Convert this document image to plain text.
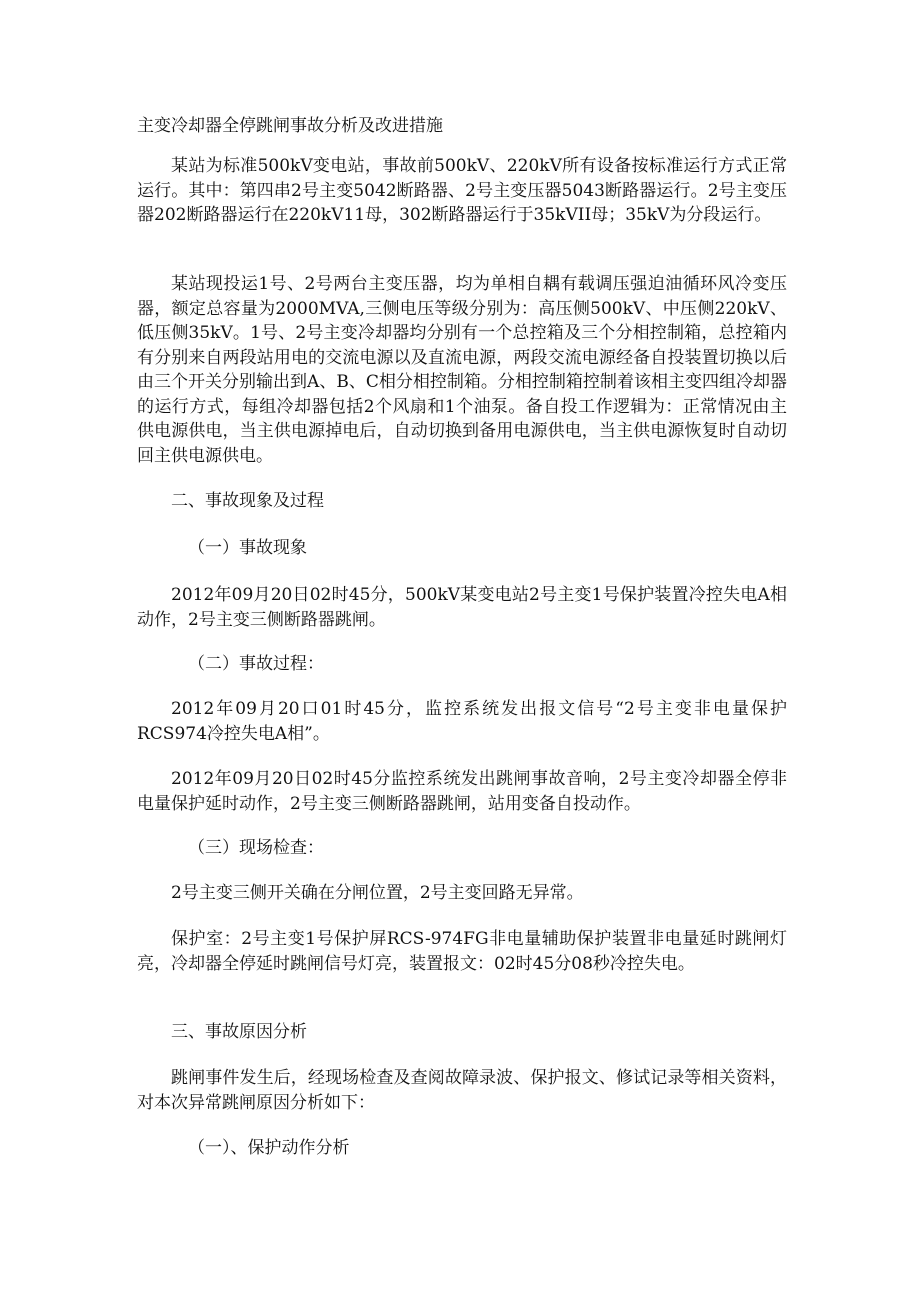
主变冷却器全停跳闸事故分析及改进措施

某站为标准500kV变电站，事故前500kV、220kV所有设备按标准运行方式正常运行。其中：第四串2号主变5042断路器、2号主变压器5043断路器运行。2号主变压器202断路器运行在220kV11母，302断路器运行于35kVII母；35kV为分段运行。

某站现投运1号、2号两台主变压器，均为单相自耦有载调压强迫油循环风冷变压器，额定总容量为2000MVA,三侧电压等级分别为：高压侧500kV、中压侧220kV、低压侧35kV。1号、2号主变冷却器均分别有一个总控箱及三个分相控制箱，总控箱内有分别来自两段站用电的交流电源以及直流电源，两段交流电源经备自投装置切换以后由三个开关分别输出到A、B、C相分相控制箱。分相控制箱控制着该相主变四组冷却器的运行方式，每组冷却器包括2个风扇和1个油泵。备自投工作逻辑为：正常情况由主供电源供电，当主供电源掉电后，自动切换到备用电源供电，当主供电源恢复时自动切回主供电源供电。

二、事故现象及过程
（一）事故现象

2012年09月20日02时45分，500kV某变电站2号主变1号保护装置冷控失电A相动作，2号主变三侧断路器跳闸。

（二）事故过程：

2012年09月20口01时45分，监控系统发出报文信号“2号主变非电量保护RCS974冷控失电A相”。

2012年09月20日02时45分监控系统发出跳闸事故音响，2号主变冷却器全停非电量保护延时动作，2号主变三侧断路器跳闸，站用变备自投动作。

（三）现场检查：

2号主变三侧开关确在分闸位置，2号主变回路无异常。

保护室：2号主变1号保护屏RCS-974FG非电量辅助保护装置非电量延时跳闸灯亮，冷却器全停延时跳闸信号灯亮，装置报文：02时45分08秒冷控失电。

三、事故原因分析

跳闸事件发生后，经现场检查及查阅故障录波、保护报文、修试记录等相关资料，对本次异常跳闸原因分析如下：

（一）、保护动作分析
